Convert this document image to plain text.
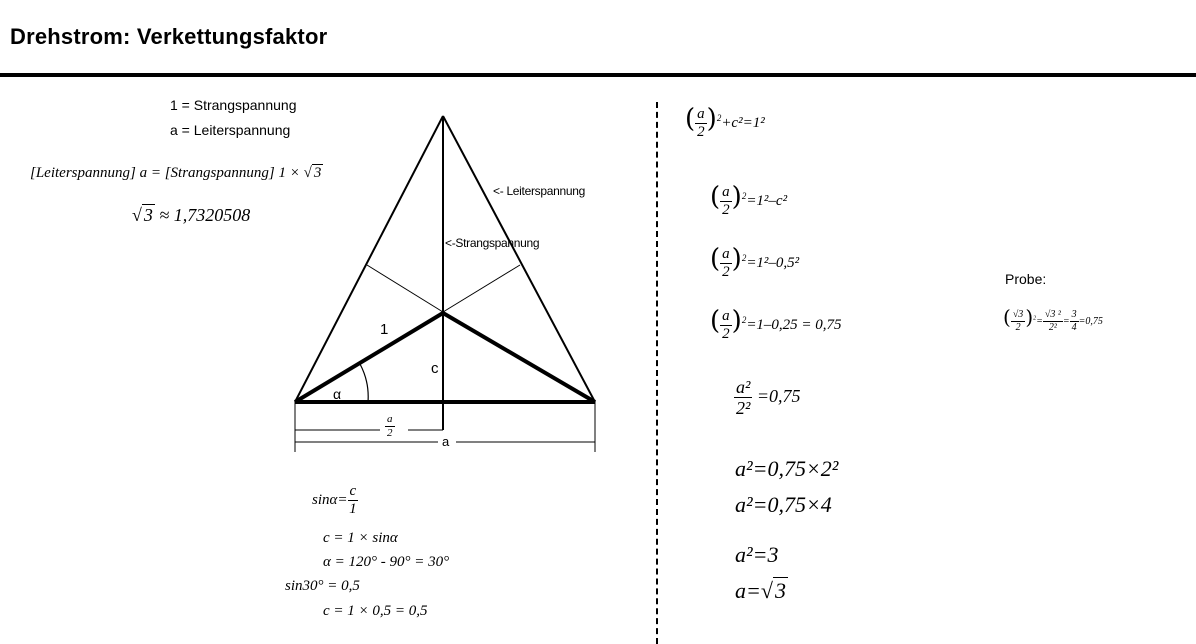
Drehstrom: Verkettungsfaktor
1 = Strangspannung
a = Leiterspannung
[Leiterspannung] a = [Strangspannung] 1 × √ 3
√ 3 ≈ 1,7320508
<- Leiterspannung
<-Strangspannung
1
c
α
$\frac{a}{2}$
a
$\sin\alpha= \frac{c}{1}$
c = 1 × sinα
α = 120° - 90° = 30°
sin30° = 0,5
c = 1 × 0,5 = 0,5
( $\frac{a}{2} )^2+c^2=1^2$
( $\frac{a}{2} )^2=1^2-c^2$
( $\frac{a}{2} )^2=1^2-0,5^2$
( $\frac{a}{2} )^2=1-0,25 = 0,75$
$\frac{\text{a²}}{\text{2²}} =0,75$
a²=0,75×2²
a²=0,75×4
a²=3
a=√3
Probe:
( $\frac{√3}{2} )^2= \frac{\text{√3 ²}}{\text{2²}} = \frac{3}{4} =0,75$
